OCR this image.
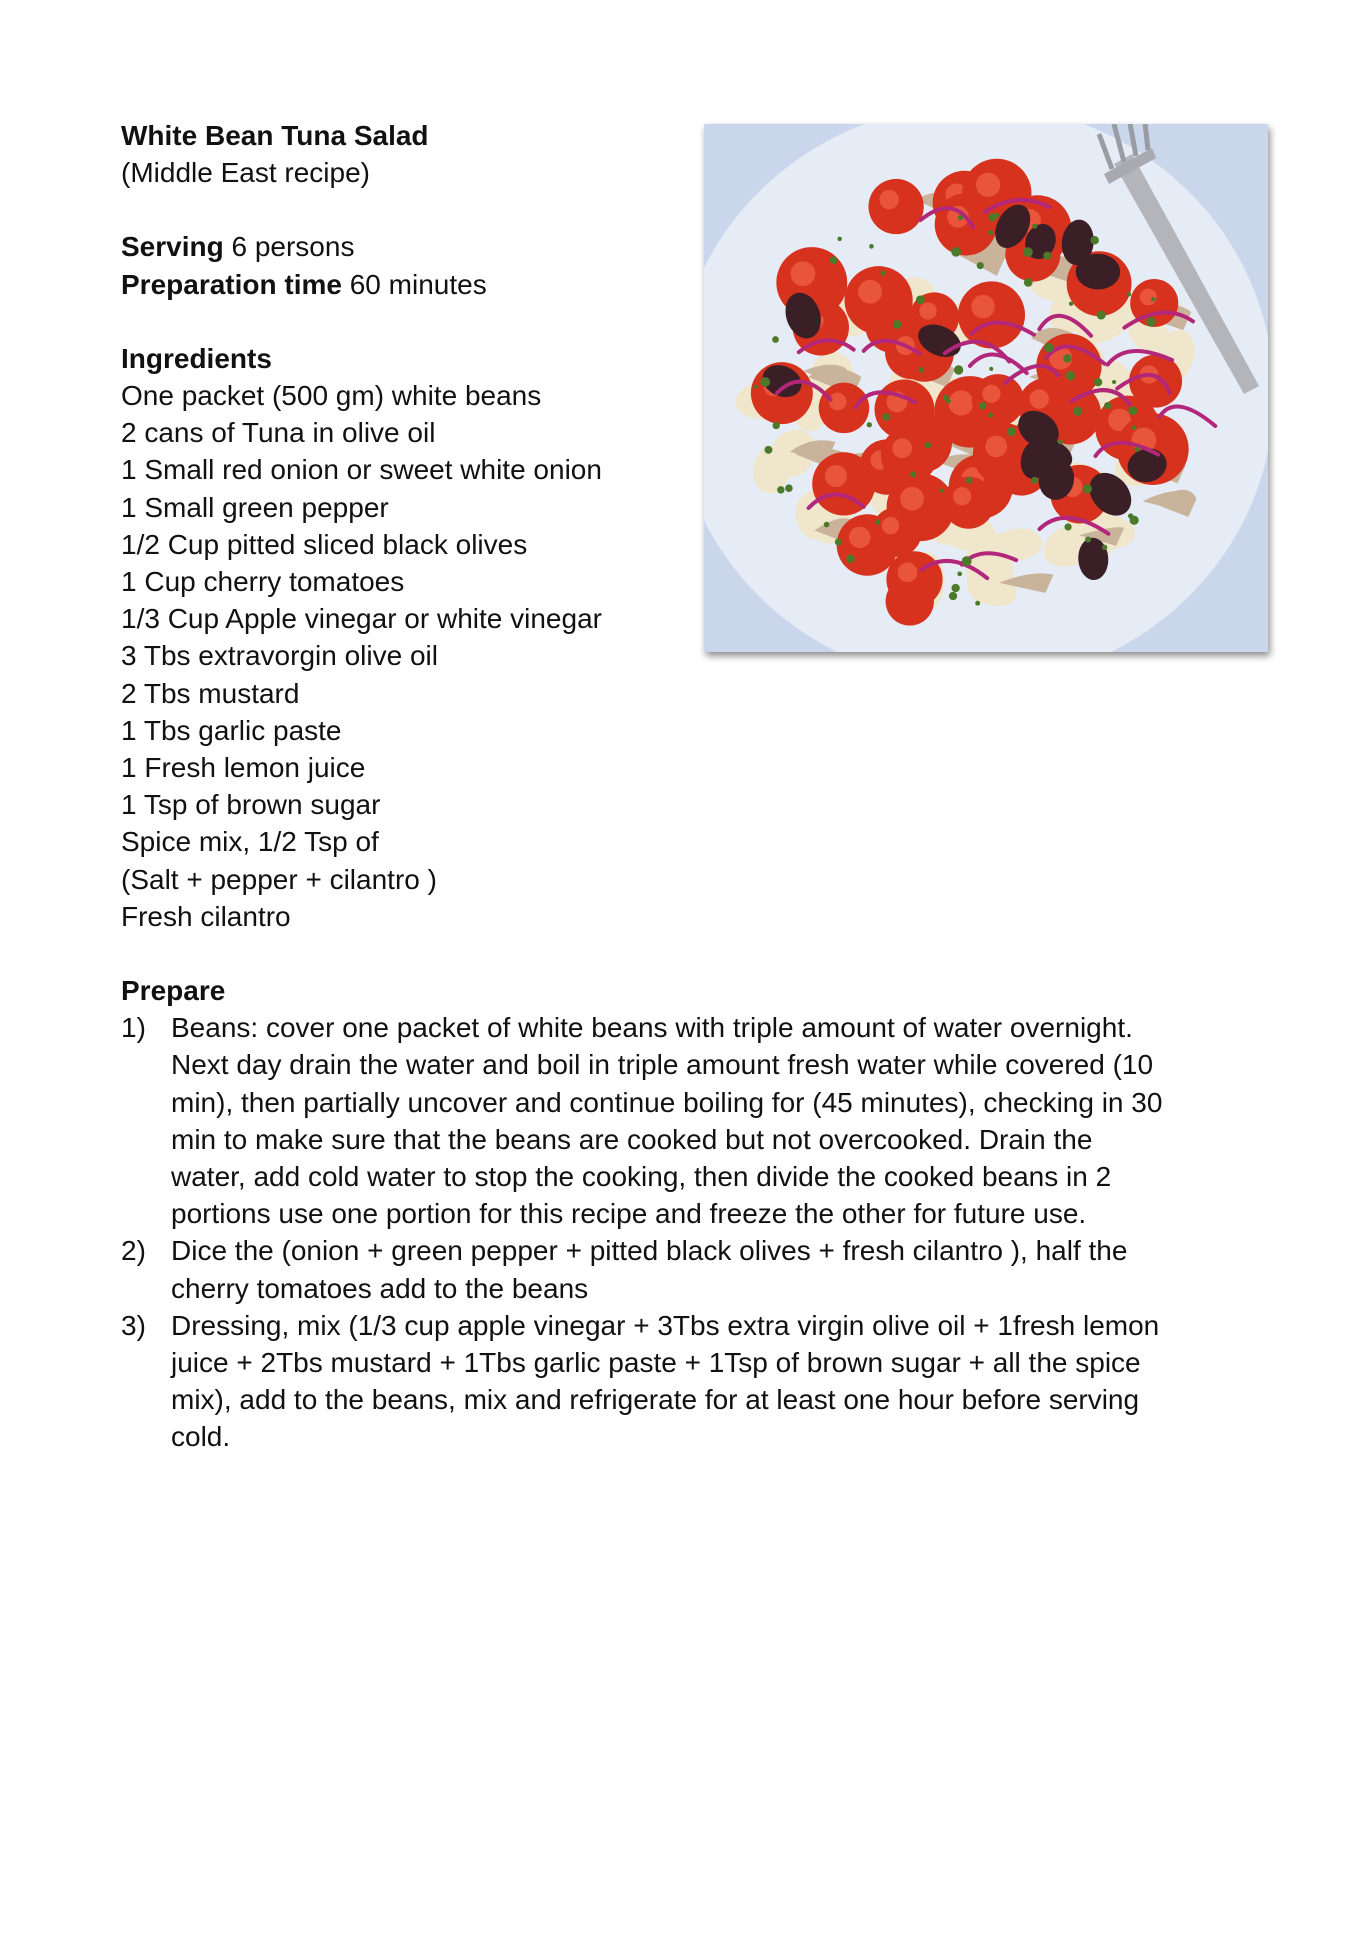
White Bean Tuna Salad
(Middle East recipe)
Serving 6 persons
Preparation time 60 minutes
Ingredients
One packet (500 gm) white beans
2 cans of Tuna in olive oil
1 Small red onion or sweet white onion
1 Small green pepper
1/2 Cup pitted sliced black olives
1 Cup cherry tomatoes
1/3 Cup Apple vinegar or white vinegar
3 Tbs extravorgin olive oil
2 Tbs mustard
1 Tbs garlic paste
1 Fresh lemon juice
1 Tsp of brown sugar
Spice mix, 1/2 Tsp of
(Salt + pepper + cilantro )
Fresh cilantro
Prepare
1) Beans: cover one packet of white beans with triple amount of water overnight.
Next day drain the water and boil in triple amount fresh water while covered (10
min), then partially uncover and continue boiling for (45 minutes), checking in 30
min to make sure that the beans are cooked but not overcooked. Drain the
water, add cold water to stop the cooking, then divide the cooked beans in 2
portions use one portion for this recipe and freeze the other for future use.
2) Dice the (onion + green pepper + pitted black olives + fresh cilantro ), half the
cherry tomatoes add to the beans
3) Dressing, mix (1/3 cup apple vinegar + 3Tbs extra virgin olive oil + 1fresh lemon
juice + 2Tbs mustard + 1Tbs garlic paste + 1Tsp of brown sugar + all the spice
mix), add to the beans, mix and refrigerate for at least one hour before serving
cold.
